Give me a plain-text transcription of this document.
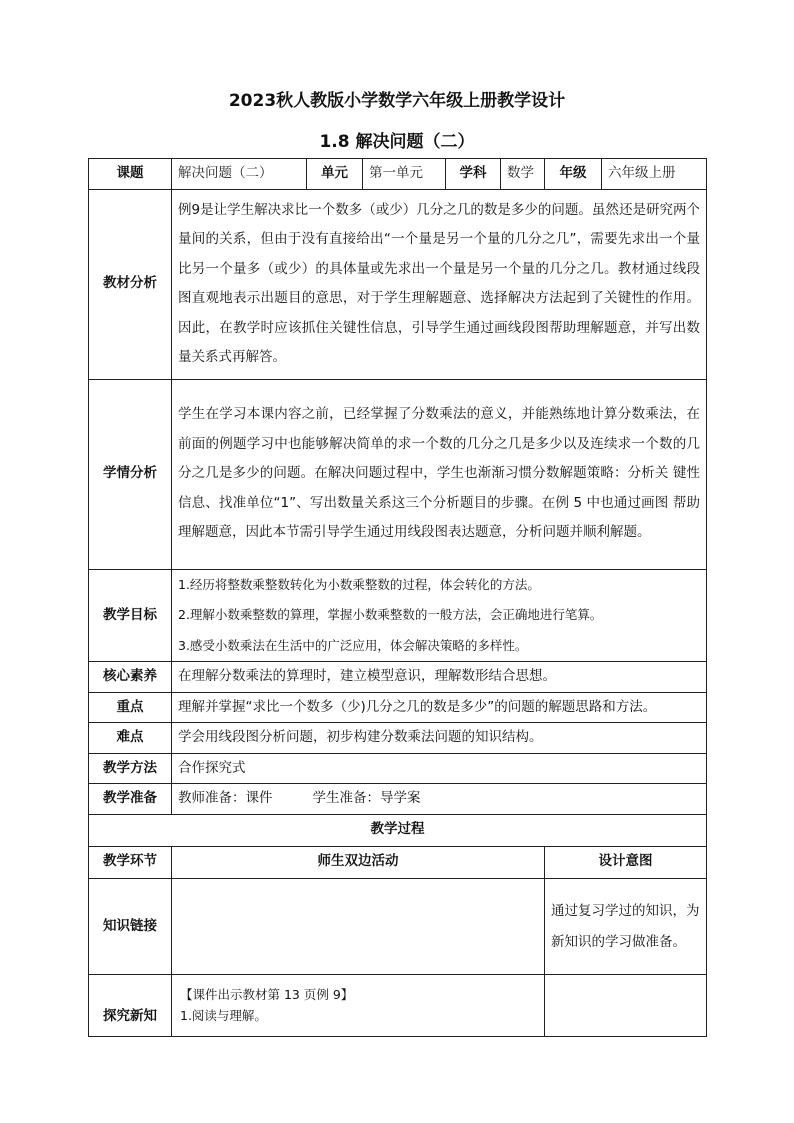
2023秋人教版小学数学六年级上册教学设计
1.8 解决问题（二）
课题	解决问题（二）	单元	第一单元	学科	数学	年级	六年级上册
教材分析	例9是让学生解决求比一个数多（或少）几分之几的数是多少的问题。虽然还是研究两个量间的关系，但由于没有直接给出“一个量是另一个量的几分之几”，需要先求出一个量比另一个量多（或少）的具体量或先求出一个量是另一个量的几分之几。教材通过线段图直观地表示出题目的意思，对于学生理解题意、选择解决方法起到了关键性的作用。因此，在教学时应该抓住关键性信息，引导学生通过画线段图帮助理解题意，并写出数量关系式再解答。						
学情分析	学生在学习本课内容之前，已经掌握了分数乘法的意义，并能熟练地计算分数乘法，在前面的例题学习中也能够解决简单的求一个数的几分之几是多少以及连续求一个数的几分之几是多少的问题。在解决问题过程中，学生也渐渐习惯分数解题策略：分析关 键性信息、找准单位“1”、写出数量关系这三个分析题目的步骤。在例 5 中也通过画图 帮助理解题意，因此本节需引导学生通过用线段图表达题意，分析问题并顺利解题。						
教学目标	1.经历将整数乘整数转化为小数乘整数的过程，体会转化的方法。
2.理解小数乘整数的算理，掌握小数乘整数的一般方法，会正确地进行笔算。
3.感受小数乘法在生活中的广泛应用，体会解决策略的多样性。						

核心素养	在理解分数乘法的算理时，建立模型意识，理解数形结合思想。						
重点	理解并掌握“求比一个数多（少)几分之几的数是多少”的问题的解题思路和方法。						
难点	学会用线段图分析问题，初步构建分数乘法问题的知识结构。						
教学方法	合作探究式						
教学准备	教师准备：课件 学生准备：导学案						
教学过程							
教学环节	师生双边活动					设计意图	
知识链接						通过复习学过的知识，为新知识的学习做准备。	
探究新知	【课件出示教材第 13 页例 9】
1.阅读与理解。						
